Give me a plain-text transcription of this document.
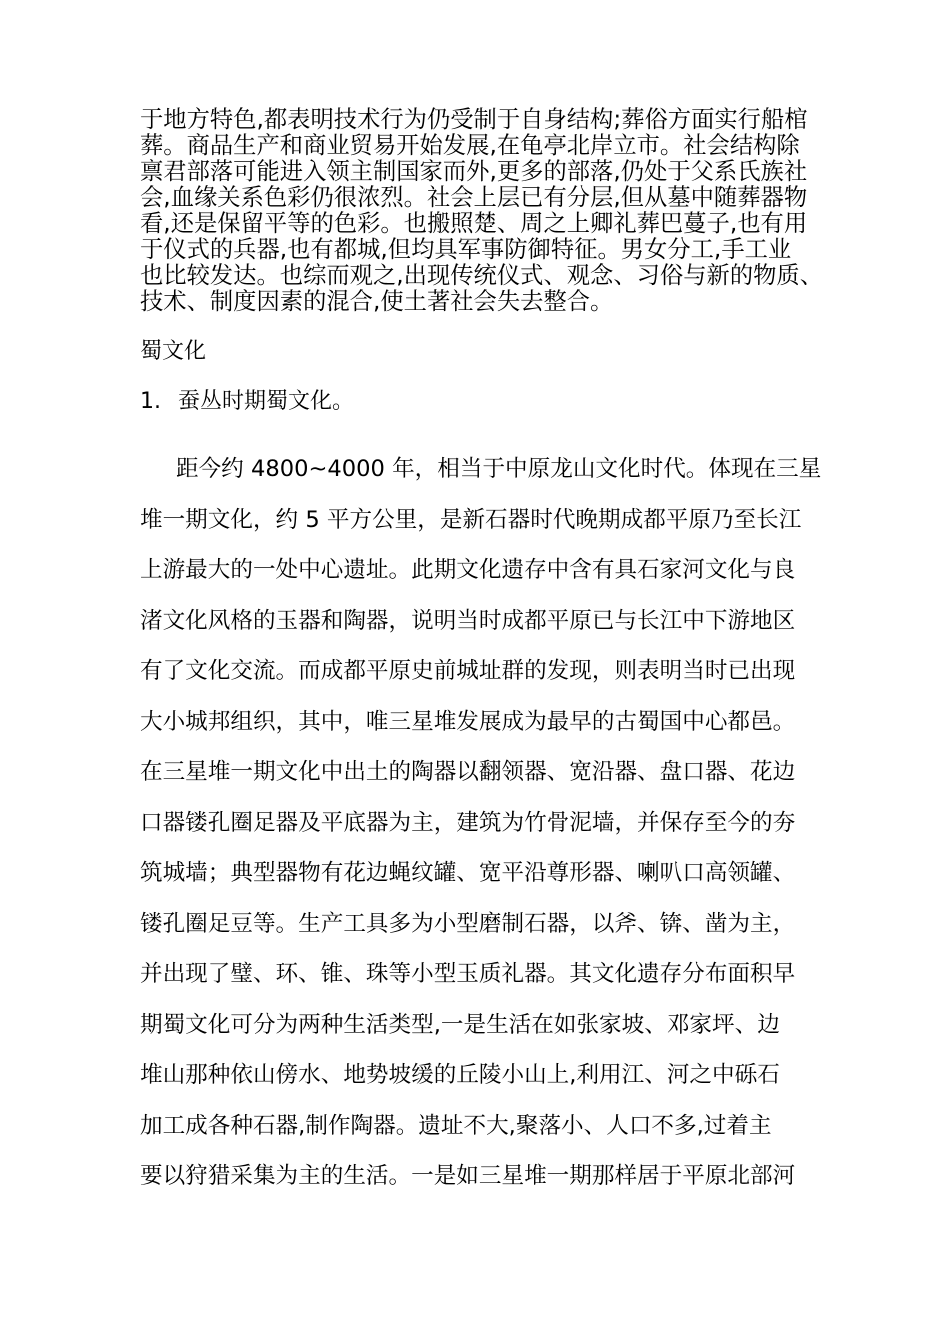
于地方特色,都表明技术行为仍受制于自身结构;葬俗方面实行船棺
葬。商品生产和商业贸易开始发展,在龟亭北岸立市。社会结构除
禀君部落可能进入领主制国家而外,更多的部落,仍处于父系氏族社
会,血缘关系色彩仍很浓烈。社会上层已有分层,但从墓中随葬器物
看,还是保留平等的色彩。也搬照楚、周之上卿礼葬巴蔓子,也有用
于仪式的兵器,也有都城,但均具军事防御特征。男女分工,手工业
也比较发达。也综而观之,出现传统仪式、观念、习俗与新的物质、
技术、制度因素的混合,使土著社会失去整合。
蜀文化
1. 蚕丛时期蜀文化。
距今约 4800~4000 年，相当于中原龙山文化时代。体现在三星
堆一期文化，约 5 平方公里，是新石器时代晚期成都平原乃至长江
上游最大的一处中心遗址。此期文化遗存中含有具石家河文化与良
渚文化风格的玉器和陶器，说明当时成都平原已与长江中下游地区
有了文化交流。而成都平原史前城址群的发现，则表明当时已出现
大小城邦组织，其中，唯三星堆发展成为最早的古蜀国中心都邑。
在三星堆一期文化中出土的陶器以翻领器、宽沿器、盘口器、花边
口器镂孔圈足器及平底器为主，建筑为竹骨泥墙，并保存至今的夯
筑城墙；典型器物有花边蝇纹罐、宽平沿尊形器、喇叭口高领罐、
镂孔圈足豆等。生产工具多为小型磨制石器，以斧、锛、凿为主，
并出现了璧、环、锥、珠等小型玉质礼器。其文化遗存分布面积早
期蜀文化可分为两种生活类型,一是生活在如张家坡、邓家坪、边
堆山那种依山傍水、地势坡缓的丘陵小山上,利用江、河之中砾石
加工成各种石器,制作陶器。遗址不大,聚落小、人口不多,过着主
要以狩猎采集为主的生活。一是如三星堆一期那样居于平原北部河
